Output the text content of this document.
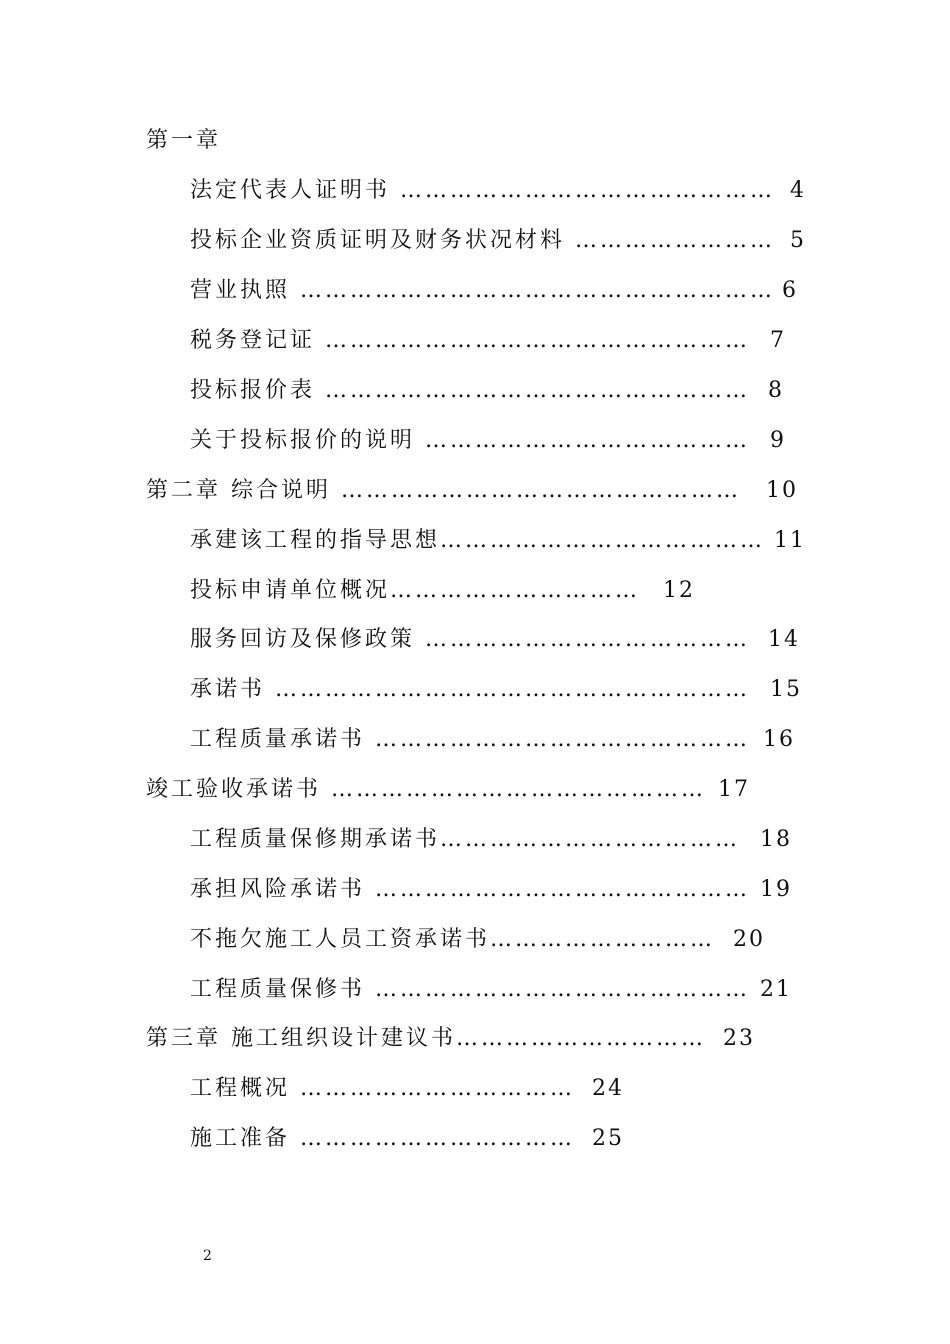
第一章
法定代表人证明书 ……………………………………… 4
投标企业资质证明及财务状况材料 …………………… 5
营业执照 ………………………………………………… 6
税务登记证 …………………………………………… 7
投标报价表 …………………………………………… 8
关于投标报价的说明 ………………………………… 9
第二章 综合说明 ………………………………………… 10
承建该工程的指导思想………………………………… 11
投标申请单位概况………………………… 12
服务回访及保修政策 ………………………………… 14
承诺书 ………………………………………………… 15
工程质量承诺书 ……………………………………… 16
竣工验收承诺书 ……………………………………… 17
工程质量保修期承诺书……………………………… 18
承担风险承诺书 ……………………………………… 19
不拖欠施工人员工资承诺书……………………… 20
工程质量保修书 ……………………………………… 21
第三章 施工组织设计建议书………………………… 23
工程概况 …………………………… 24
施工准备 …………………………… 25
2
